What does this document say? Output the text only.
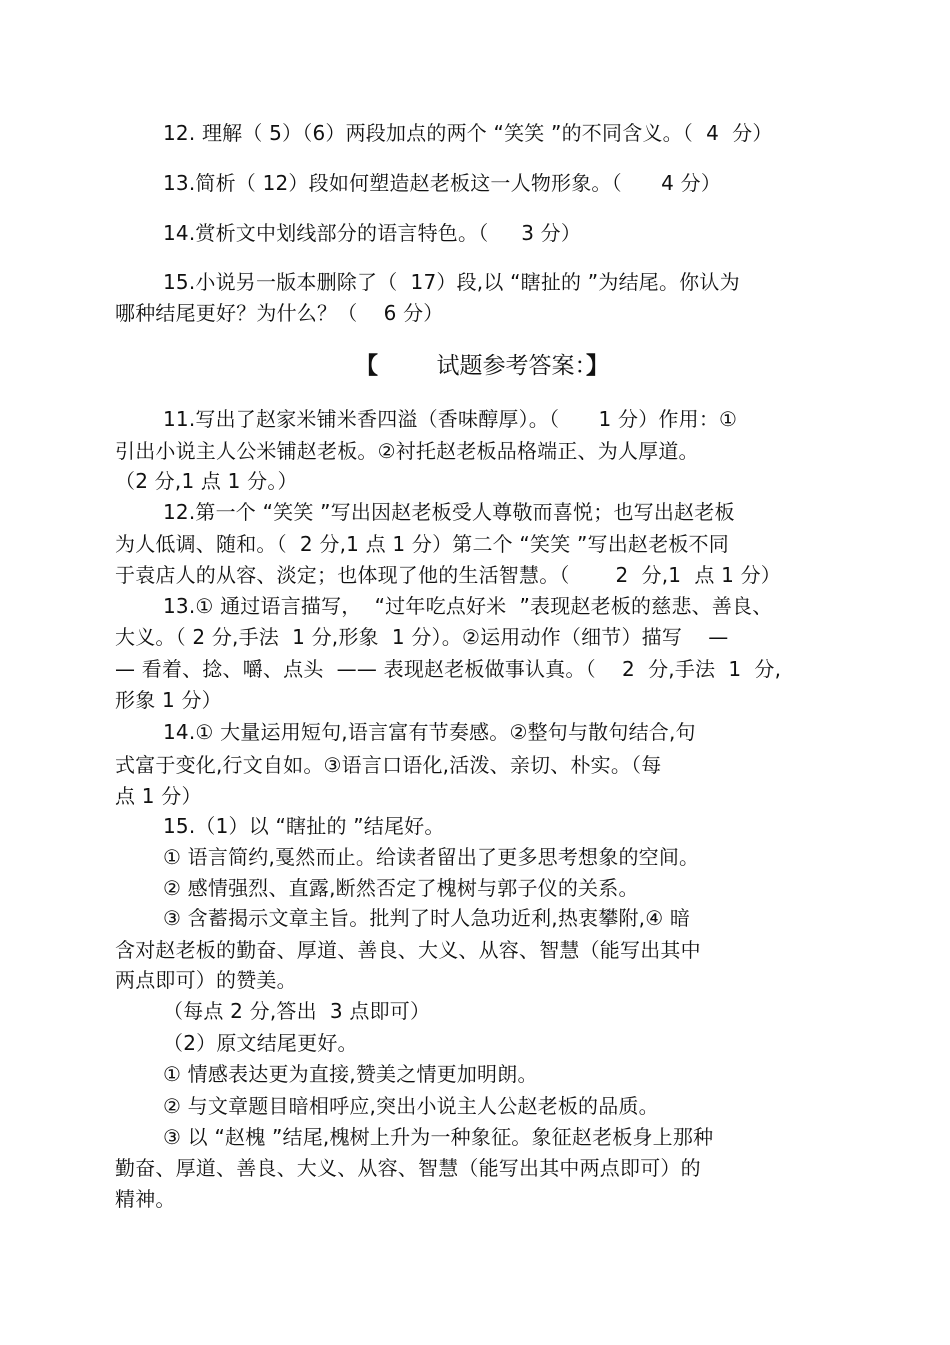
12. 理解（ 5）（6）两段加点的两个 “笑笑 ”的不同含义。（  4  分）
13.简析（ 12）段如何塑造赵老板这一人物形象。（      4 分）
14.赏析文中划线部分的语言特色。（     3 分）
15.小说另一版本删除了（  17）段,以 “瞎扯的 ”为结尾。你认为
哪种结尾更好？为什么？（    6 分）
【	试题参考答案：】
11.写出了赵家米铺米香四溢（香味醇厚）。（      1 分）作用：①
引出小说主人公米铺赵老板。②衬托赵老板品格端正、为人厚道。
（2 分,1 点 1 分。）
12.第一个 “笑笑 ”写出因赵老板受人尊敬而喜悦；也写出赵老板
为人低调、随和。（  2 分,1 点 1 分）第二个 “笑笑 ”写出赵老板不同
于袁店人的从容、淡定；也体现了他的生活智慧。（       2  分,1  点 1 分）
13.① 通过语言描写，  “过年吃点好米  ”表现赵老板的慈悲、善良、
大义。（ 2 分,手法  1 分,形象  1 分）。②运用动作（细节）描写    —
— 看着、捻、嚼、点头  —— 表现赵老板做事认真。（    2  分,手法  1  分,
形象 1 分）
14.① 大量运用短句,语言富有节奏感。②整句与散句结合,句
式富于变化,行文自如。③语言口语化,活泼、亲切、朴实。（每
点 1 分）
15.（1）以 “瞎扯的 ”结尾好。
① 语言简约,戛然而止。给读者留出了更多思考想象的空间。
② 感情强烈、直露,断然否定了槐树与郭子仪的关系。
③ 含蓄揭示文章主旨。批判了时人急功近利,热衷攀附,④ 暗
含对赵老板的勤奋、厚道、善良、大义、从容、智慧（能写出其中
两点即可）的赞美。
（每点 2 分,答出  3 点即可）
（2）原文结尾更好。
① 情感表达更为直接,赞美之情更加明朗。
② 与文章题目暗相呼应,突出小说主人公赵老板的品质。
③ 以 “赵槐 ”结尾,槐树上升为一种象征。象征赵老板身上那种
勤奋、厚道、善良、大义、从容、智慧（能写出其中两点即可）的
精神。
